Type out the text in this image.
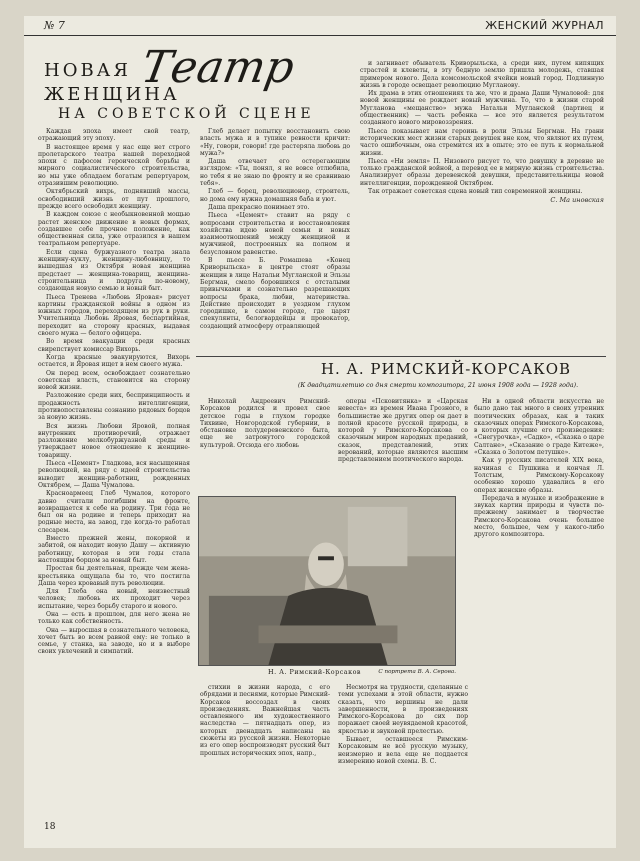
№ 7	ЖЕНСКИЙ ЖУРНАЛ
НОВАЯ Театр
ЖЕНЩИНА
НА СОВЕТСКОЙ СЦЕНЕ

Каждая эпоха имеет свой театр, отражающий эту эпоху.

В настоящее время у нас еще нет строго пролетарского театра нашей переходной эпохи с пафосом героической борьбы и мирного социалистического строительства, но мы уже обладаем богатым репертуаром, отразившим революцию.

Октябрьский вихрь, поднявший массы, освободивший жизнь от пут прошлого, прежде всего освободил женщину.

В каждом союзе с необыкновенной мощью растет женское движение в новых формах, создавшее себе прочное положение, как общественная сила, уже отразился в нашем театральном репертуаре.

Если сцена буржуазного театра знала женщину-куклу, женщину-любовницу, то вышедшая из Октября новая женщина предстает — женщина-товарищ, женщина-строительница и подруга по-новому, создающая новую семью и новый быт.

Пьеса Тренева «Любовь Яровая» рисует картины гражданской войны в одном из южных городов, переходящем из рук в руки. Учительница Любовь Яровая, беспартийная, переходит на сторону красных, выдавая своего мужа — белого офицера.

Во время эвакуации среди красных свирепствует комиссар Вихорь.

Когда красные эвакуируются, Вихорь остается, и Яровая ищет в нем своего мужа.

Он перед всем, освобождает сознательно советская власть, становится на сторону новой жизни.

Разложение среди них, беспринципность и продажность интеллигенции, противопоставлены сознанию рядовых борцов за новую жизнь.

Вся жизнь Любови Яровой, полная внутренних противоречий, отражает разложение мелкобуржуазной среды и утверждает новое отношение к женщине-товарищу.

Пьеса «Цемент» Гладкова, вся насыщенная революцией, на ряду с идеей строительства выводит женщин-работниц, рожденных Октябрем, — Даша Чумалова.

Красноармеец Глеб Чумалов, которого давно считали погибшим на фронте, возвращается к себе на родину. Три года не был он на родине и теперь приходит на родные места, на завод, где когда-то работал слесарем.

Вместо прежней жены, покорной и забитой, он находит новую Дашу — активную работницу, которая в эти годы стала настоящим борцом за новый быт.

Простая бы деятельная, прежде чем жена-крестьянка ощущала бы то, что постигла Даша через кровавый путь революции.

Для Глеба она новый, неизвестный человек; любовь их проходит через испытание, через борьбу старого и нового.

Она — есть в прошлом, для него жена не только как собственность.

Она — выросшая в сознательного человека, хочет быть во всем равной ему: не только в семье, у станка, на заводе, но и в выборе своих увлечений и симпатий.

Глеб делает попытку восстановить свою власть мужа и в тупике ревности кричит: «Ну, говори, говори! где растеряла любовь до мужа?»

Даша отвечает его остерегающим взглядом: «Ты, понял, я не вовсе отлюбила, но тебя я не знаю по фронту и не сравниваю тебя».

Глеб — борец, революционер, строитель, но дома ему нужна домашняя баба и уют.

Даша прекрасно понимает это.

Пьеса «Цемент» ставит на ряду с вопросами строительства и восстановления хозяйства идею новой семьи и новых взаимоотношений между женщиной и мужчиной, построенных на полном и безусловном равенстве.

В пьесе Б. Ромашева «Конец Криворыльска» в центре стоят образы женщин в лице Натальи Мугланской и Эльзы Бергман, смело боровшихся с отсталыми привычками и сознательно разрешающих вопросы брака, любви, материнства. Действие происходит в уездном глухом городишке, в самом городе, где царят спекулянты, белогвардейцы и провокатор, создающий атмосферу отравляющей

и загнивает обыватель Криворыльска, а среди них, путем кипящих страстей и клеветы, в эту бедную землю пришла молодежь, ставшая примером нового. Дела комсомольской ячейки новый город. Подлинную жизнь в городе освещает революцию Мугланову.

Их драма в этих отношениях та же, что и драма Даши Чумаловой: для новой женщины ее рождает новый мужчина. То, что в жизни старой Мугланова «мещанство» мужа Натальи Мугланской (партиец и общественник) — часть ребенка — все это является результатом созданного нового мировоззрения.

Пьеса показывает нам героинь в роли Эльзы Бергман. На грани исторических мест жизни старых девушек вне ком, что являют их путем, часто ошибочным, она стремится их в опыте; это ее путь к нормальной жизни.

Пьеса «Ни земля» П. Низового рисует то, что девушку в деревне не только гражданской войной, а перевод ее в мирную жизнь строительства. Анализирует образы деревенской девушки, представительницы новой интеллигенции, порожденной Октябрем.

Так отражает советская сцена новый тип современной женщины.

С. Ма иновская
Н. А. РИМСКИЙ-КОРСАКОВ
(К двадцатилетию со дня смерти композитора, 21 июня 1908 года — 1928 года).

Николай Андреевич Римский-Корсаков родился и провел свое детское годы в глухом городке Тихвине, Новгородской губернии, в обстановке полудеревенского быта, еще не затронутого городской культурой. Отсюда его любовь

оперы «Псковитянка» и «Царская невеста» из времен Ивана Грозного, в большинстве же других опер он дает в полной красоте русской природы, в которой у Римского-Корсакова со сказочным миром народных преданий, сказок, представлений, этих верований, которые являются высшим представлением поэтического народа.

Ни в одной области искусства не было дано так много в своих утренних поэтических образах, как в таких сказочных операх Римского-Корсакова, в которых лучшие его произведения: «Снегурочка», «Садко», «Сказка о царе Салтане», «Сказание о граде Китеже», «Сказка о Золотом петушке».

Как у русских писателей XIX века, начиная с Пушкина и кончая Л. Толстым, Римскому-Корсакову особенно хорошо удавались в его операх женские образы.

Передача в музыке и изображение в звуках картин природы и чувств по-прежнему занимает в творчестве Римского-Корсакова очень большое место, большее, чем у какого-либо другого композитора.

Н. А. Римский-Корсаков	С портрета В. А. Серова.

стихии в жизни народа, с его обрядами и песнями, которые Римский-Корсаков воссоздал в своих произведениях. Важнейшая часть оставленного им художественного наследства — пятнадцать опер, из которых двенадцать написаны на сюжеты из русской жизни. Некоторые из его опер воспроизводят русский быт прошлых исторических эпох, напр.,

Несмотря на трудности, сделанные с теми успехами в этой области, нужно сказать, что вершины не дали завершенности, в произведениях Римского-Корсакова до сих пор поражает своей неувядаемой красотой, яркостью и звуковой прелестью.

Бывает, оставшееся Римским-Корсаковым не всё русскую музыку, неизмерно и вела еще не поддается измерению новой схемы. В. С.

18
